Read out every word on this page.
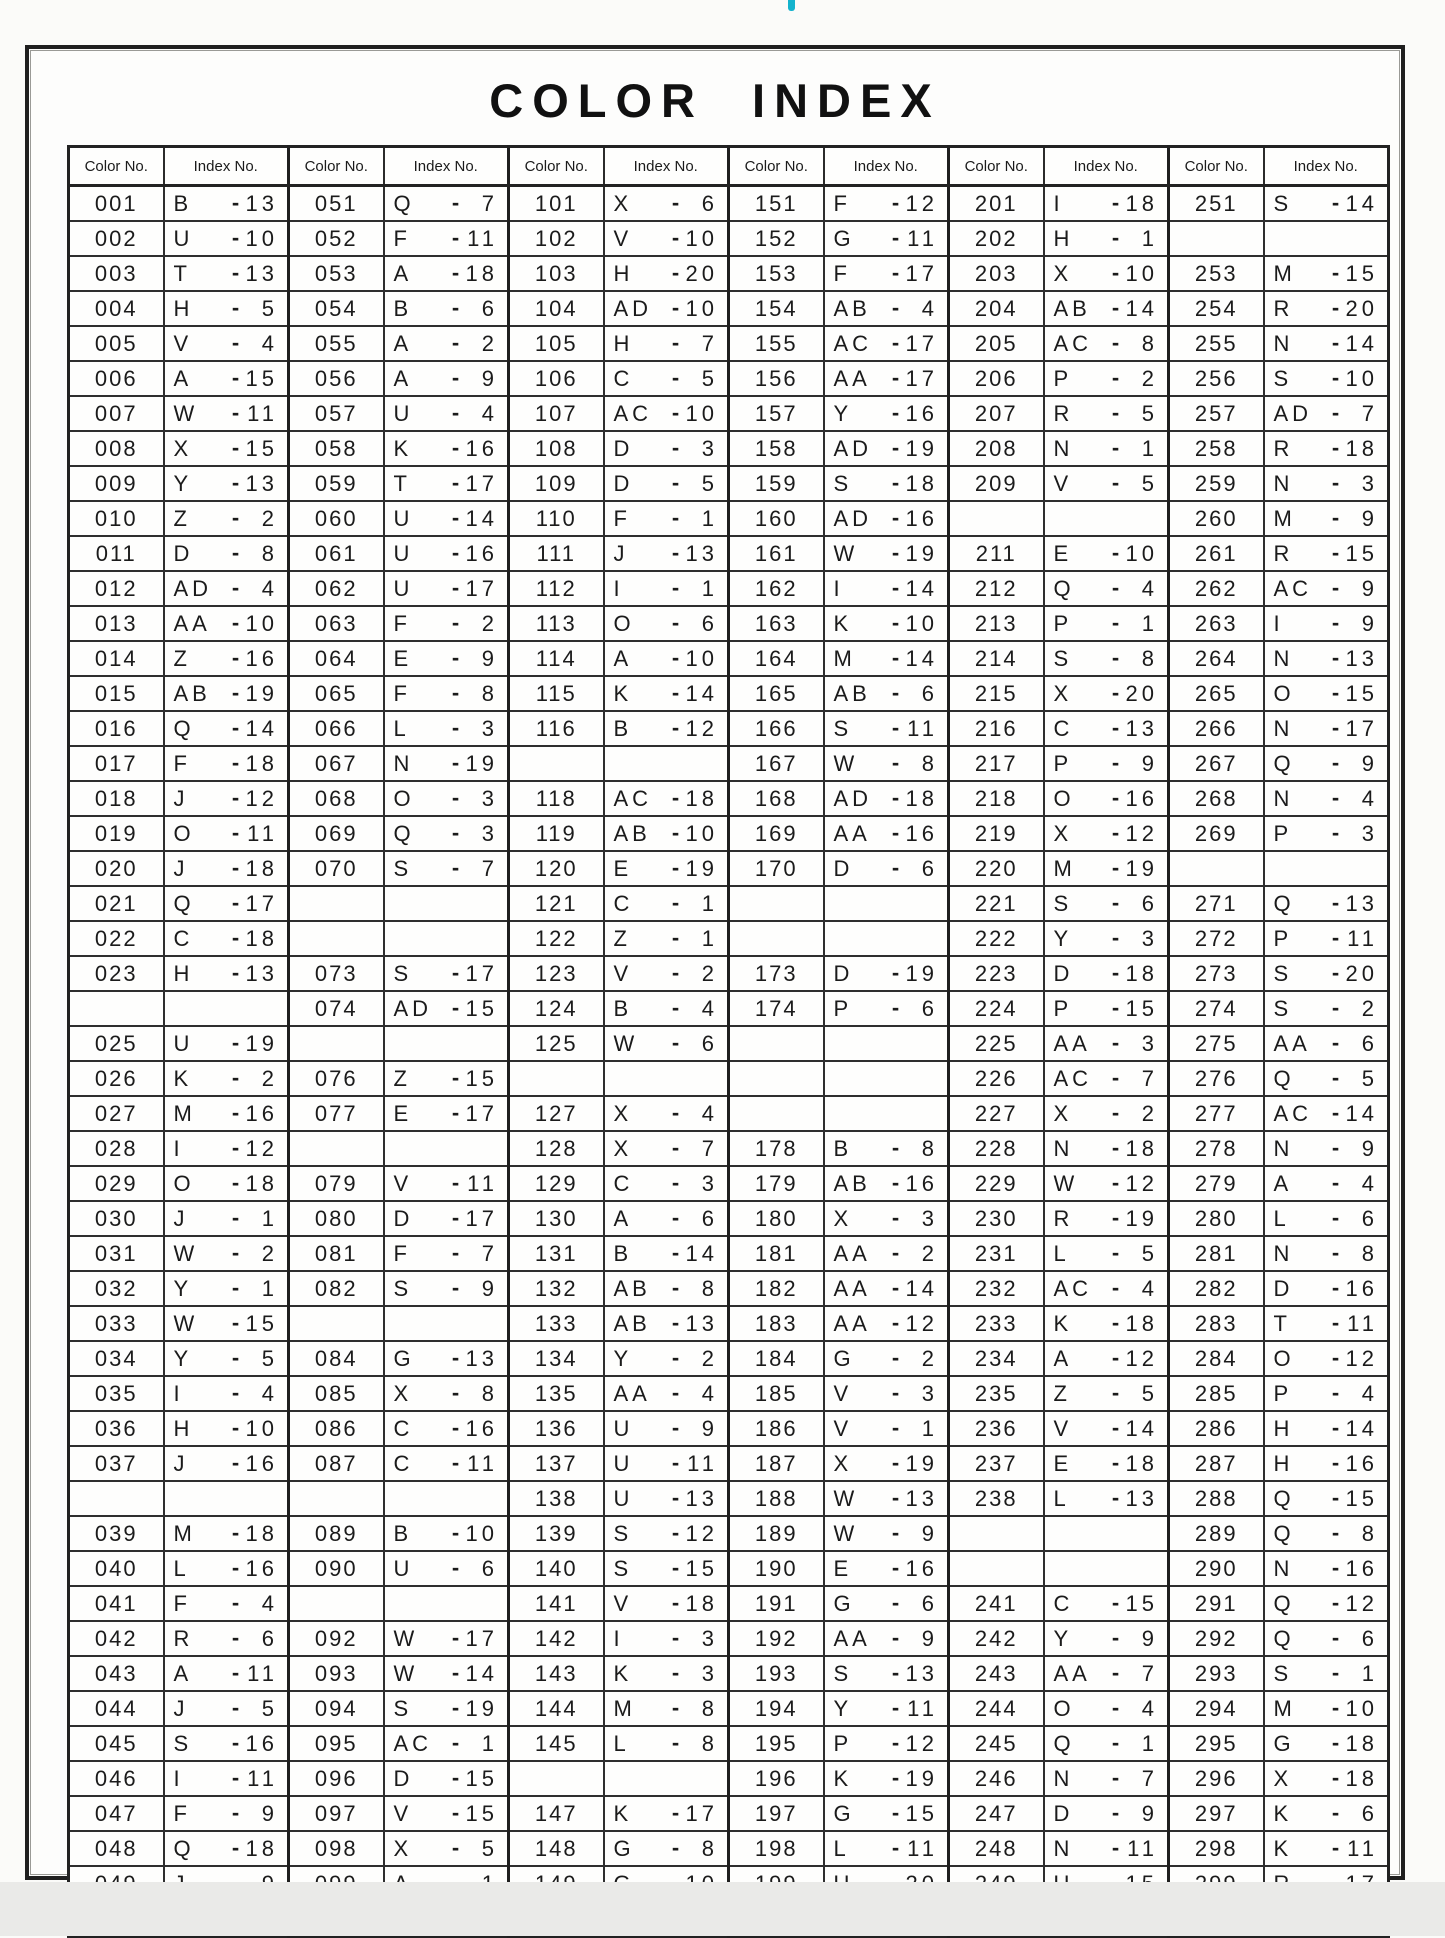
COLOR INDEX
Color No.	Index No.	Color No.	Index No.	Color No.	Index No.	Color No.	Index No.	Color No.	Index No.	Color No.	Index No.
001	B - 13	051	Q - 7	101	X - 6	151	F - 12	201	I - 18	251	S - 14

002	U - 10	052	F - 11	102	V - 10	152	G - 11	202	H - 1		

003	T - 13	053	A - 18	103	H - 20	153	F - 17	203	X - 10	253	M - 15

004	H - 5	054	B - 6	104	AD - 10	154	AB - 4	204	AB - 14	254	R - 20

005	V - 4	055	A - 2	105	H - 7	155	AC - 17	205	AC - 8	255	N - 14

006	A - 15	056	A - 9	106	C - 5	156	AA - 17	206	P - 2	256	S - 10

007	W - 11	057	U - 4	107	AC - 10	157	Y - 16	207	R - 5	257	AD - 7

008	X - 15	058	K - 16	108	D - 3	158	AD - 19	208	N - 1	258	R - 18

009	Y - 13	059	T - 17	109	D - 5	159	S - 18	209	V - 5	259	N - 3

010	Z - 2	060	U - 14	110	F - 1	160	AD - 16			260	M - 9

011	D - 8	061	U - 16	111	J - 13	161	W - 19	211	E - 10	261	R - 15

012	AD - 4	062	U - 17	112	I - 1	162	I - 14	212	Q - 4	262	AC - 9

013	AA - 10	063	F - 2	113	O - 6	163	K - 10	213	P - 1	263	I - 9

014	Z - 16	064	E - 9	114	A - 10	164	M - 14	214	S - 8	264	N - 13

015	AB - 19	065	F - 8	115	K - 14	165	AB - 6	215	X - 20	265	O - 15

016	Q - 14	066	L - 3	116	B - 12	166	S - 11	216	C - 13	266	N - 17

017	F - 18	067	N - 19			167	W - 8	217	P - 9	267	Q - 9

018	J - 12	068	O - 3	118	AC - 18	168	AD - 18	218	O - 16	268	N - 4

019	O - 11	069	Q - 3	119	AB - 10	169	AA - 16	219	X - 12	269	P - 3

020	J - 18	070	S - 7	120	E - 19	170	D - 6	220	M - 19		

021	Q - 17			121	C - 1			221	S - 6	271	Q - 13

022	C - 18			122	Z - 1			222	Y - 3	272	P - 11

023	H - 13	073	S - 17	123	V - 2	173	D - 19	223	D - 18	273	S - 20

		074	AD - 15	124	B - 4	174	P - 6	224	P - 15	274	S - 2

025	U - 19			125	W - 6			225	AA - 3	275	AA - 6

026	K - 2	076	Z - 15					226	AC - 7	276	Q - 5

027	M - 16	077	E - 17	127	X - 4			227	X - 2	277	AC - 14

028	I - 12			128	X - 7	178	B - 8	228	N - 18	278	N - 9

029	O - 18	079	V - 11	129	C - 3	179	AB - 16	229	W - 12	279	A - 4

030	J - 1	080	D - 17	130	A - 6	180	X - 3	230	R - 19	280	L - 6

031	W - 2	081	F - 7	131	B - 14	181	AA - 2	231	L - 5	281	N - 8

032	Y - 1	082	S - 9	132	AB - 8	182	AA - 14	232	AC - 4	282	D - 16

033	W - 15			133	AB - 13	183	AA - 12	233	K - 18	283	T - 11

034	Y - 5	084	G - 13	134	Y - 2	184	G - 2	234	A - 12	284	O - 12

035	I - 4	085	X - 8	135	AA - 4	185	V - 3	235	Z - 5	285	P - 4

036	H - 10	086	C - 16	136	U - 9	186	V - 1	236	V - 14	286	H - 14

037	J - 16	087	C - 11	137	U - 11	187	X - 19	237	E - 18	287	H - 16

				138	U - 13	188	W - 13	238	L - 13	288	Q - 15

039	M - 18	089	B - 10	139	S - 12	189	W - 9			289	Q - 8

040	L - 16	090	U - 6	140	S - 15	190	E - 16			290	N - 16

041	F - 4			141	V - 18	191	G - 6	241	C - 15	291	Q - 12

042	R - 6	092	W - 17	142	I - 3	192	AA - 9	242	Y - 9	292	Q - 6

043	A - 11	093	W - 14	143	K - 3	193	S - 13	243	AA - 7	293	S - 1

044	J - 5	094	S - 19	144	M - 8	194	Y - 11	244	O - 4	294	M - 10

045	S - 16	095	AC - 1	145	L - 8	195	P - 12	245	Q - 1	295	G - 18

046	I - 11	096	D - 15			196	K - 19	246	N - 7	296	X - 18

047	F - 9	097	V - 15	147	K - 17	197	G - 15	247	D - 9	297	K - 6

048	Q - 18	098	X - 5	148	G - 8	198	L - 11	248	N - 11	298	K - 11
